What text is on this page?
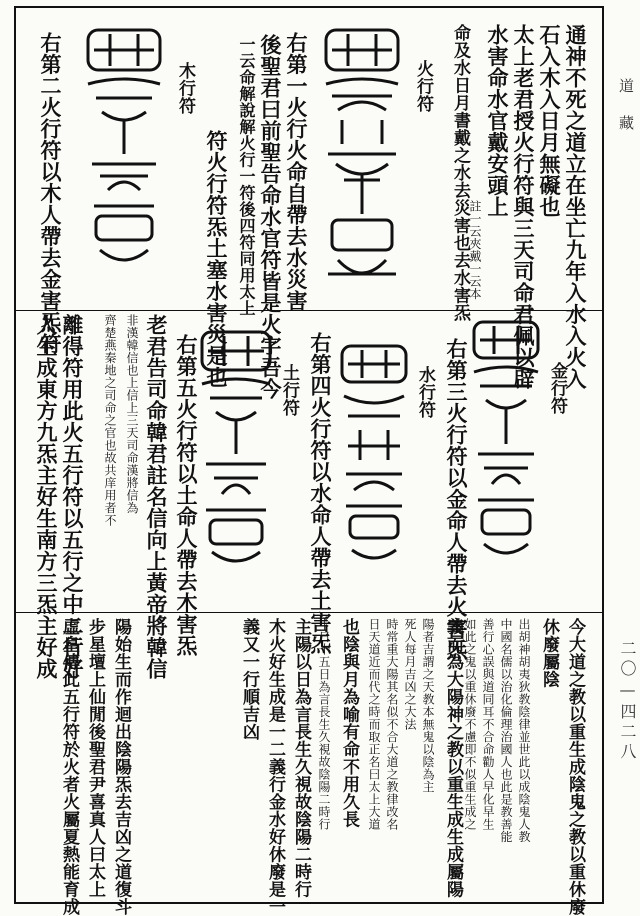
道藏
二〇—四二八
通神不死之道立在坐亡九年入水入火入
石入木入日月無礙也
太上老君授火行符與三天司命君佩以辟
水害命水官戴安頭上
註一云夾戴一云本
命及水日月書戴之水去災害也去水害炁
火行符
右第一火行火命自帶去水災害
後聖君曰前聖告命水官符皆是火字吾今
一云命解說解火行一符後四符同用太上
符火行符炁土塞水害災是也
木行符
右第二火行符以木人帶去金害炁符
金行符
右第三火行符以金命人帶去火害炁
水行符
右第四火行符以水命人帶去土害炁
土行符
右第五火行符以土命人帶去木害炁
老君告司命韓君註名信向上黃帝將韓信
非漢韓信也上信上三天司命漢將信為
齊楚燕秦地之司命之官也故共庠用者不
離得符用此火五行符以五行之中二行好
人生成東方九炁主好生南方三炁主好成
今大道之教以重生成陰鬼之教以重休廢
休廢屬陰
出胡神胡夷狄教陰律並世此以成陰鬼人教
中國名儒以治化倫理治國人也此是教善能
善行心誤與道同耳不合命勸人早化早生
如此之鬼以重休廢不慮即不似重生成之
義而為大陽神之教以重生成生成屬陽
陽者吉謂之天教本無鬼以陰為主
死人每月吉凶之大法
時常重大陽其名似不合大道之教律改名
日天道近而代之時而取正名曰太上大道
也陰與月為喻有命不用久長
十日十五日為言長生久視故陰陽二時行
主陽以日為言長生久視故陰陽二時行
木火好生成是一二義行金水好休廢是一
義又一行順吉凶
陽始生而作迴出陰陽炁去吉凶之道復斗
步星壇上仙閒後聖君尹喜真人曰太上
虛皇傳此五行符於火者火屬夏熱能育成
